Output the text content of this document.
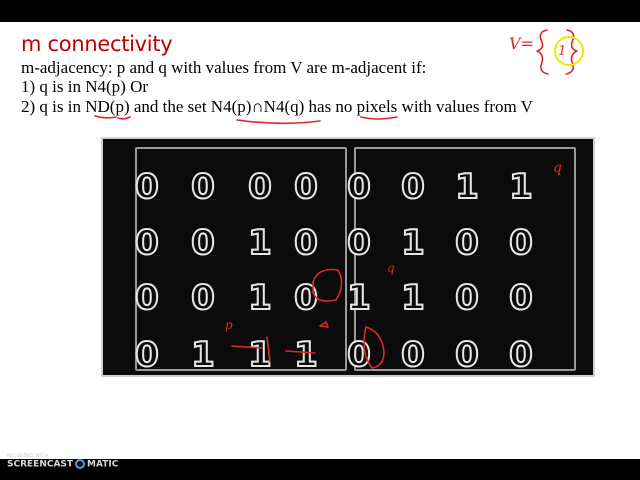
m connectivity
m-adjacency: p and q with values from V are m-adjacent if:
1) q is in N4(p) Or
2) q is in ND(p) and the set N4(p)∩N4(q) has no pixels with values from V
0 0 0 0 0 0 1 1
0 0 1 0 0 1 0 0
0 0 1 0 1 1 0 0
0 1 1 1 0 0 0 0
V= 1
q
q
p
RECORDED WITH
SCREENCAST MATIC
